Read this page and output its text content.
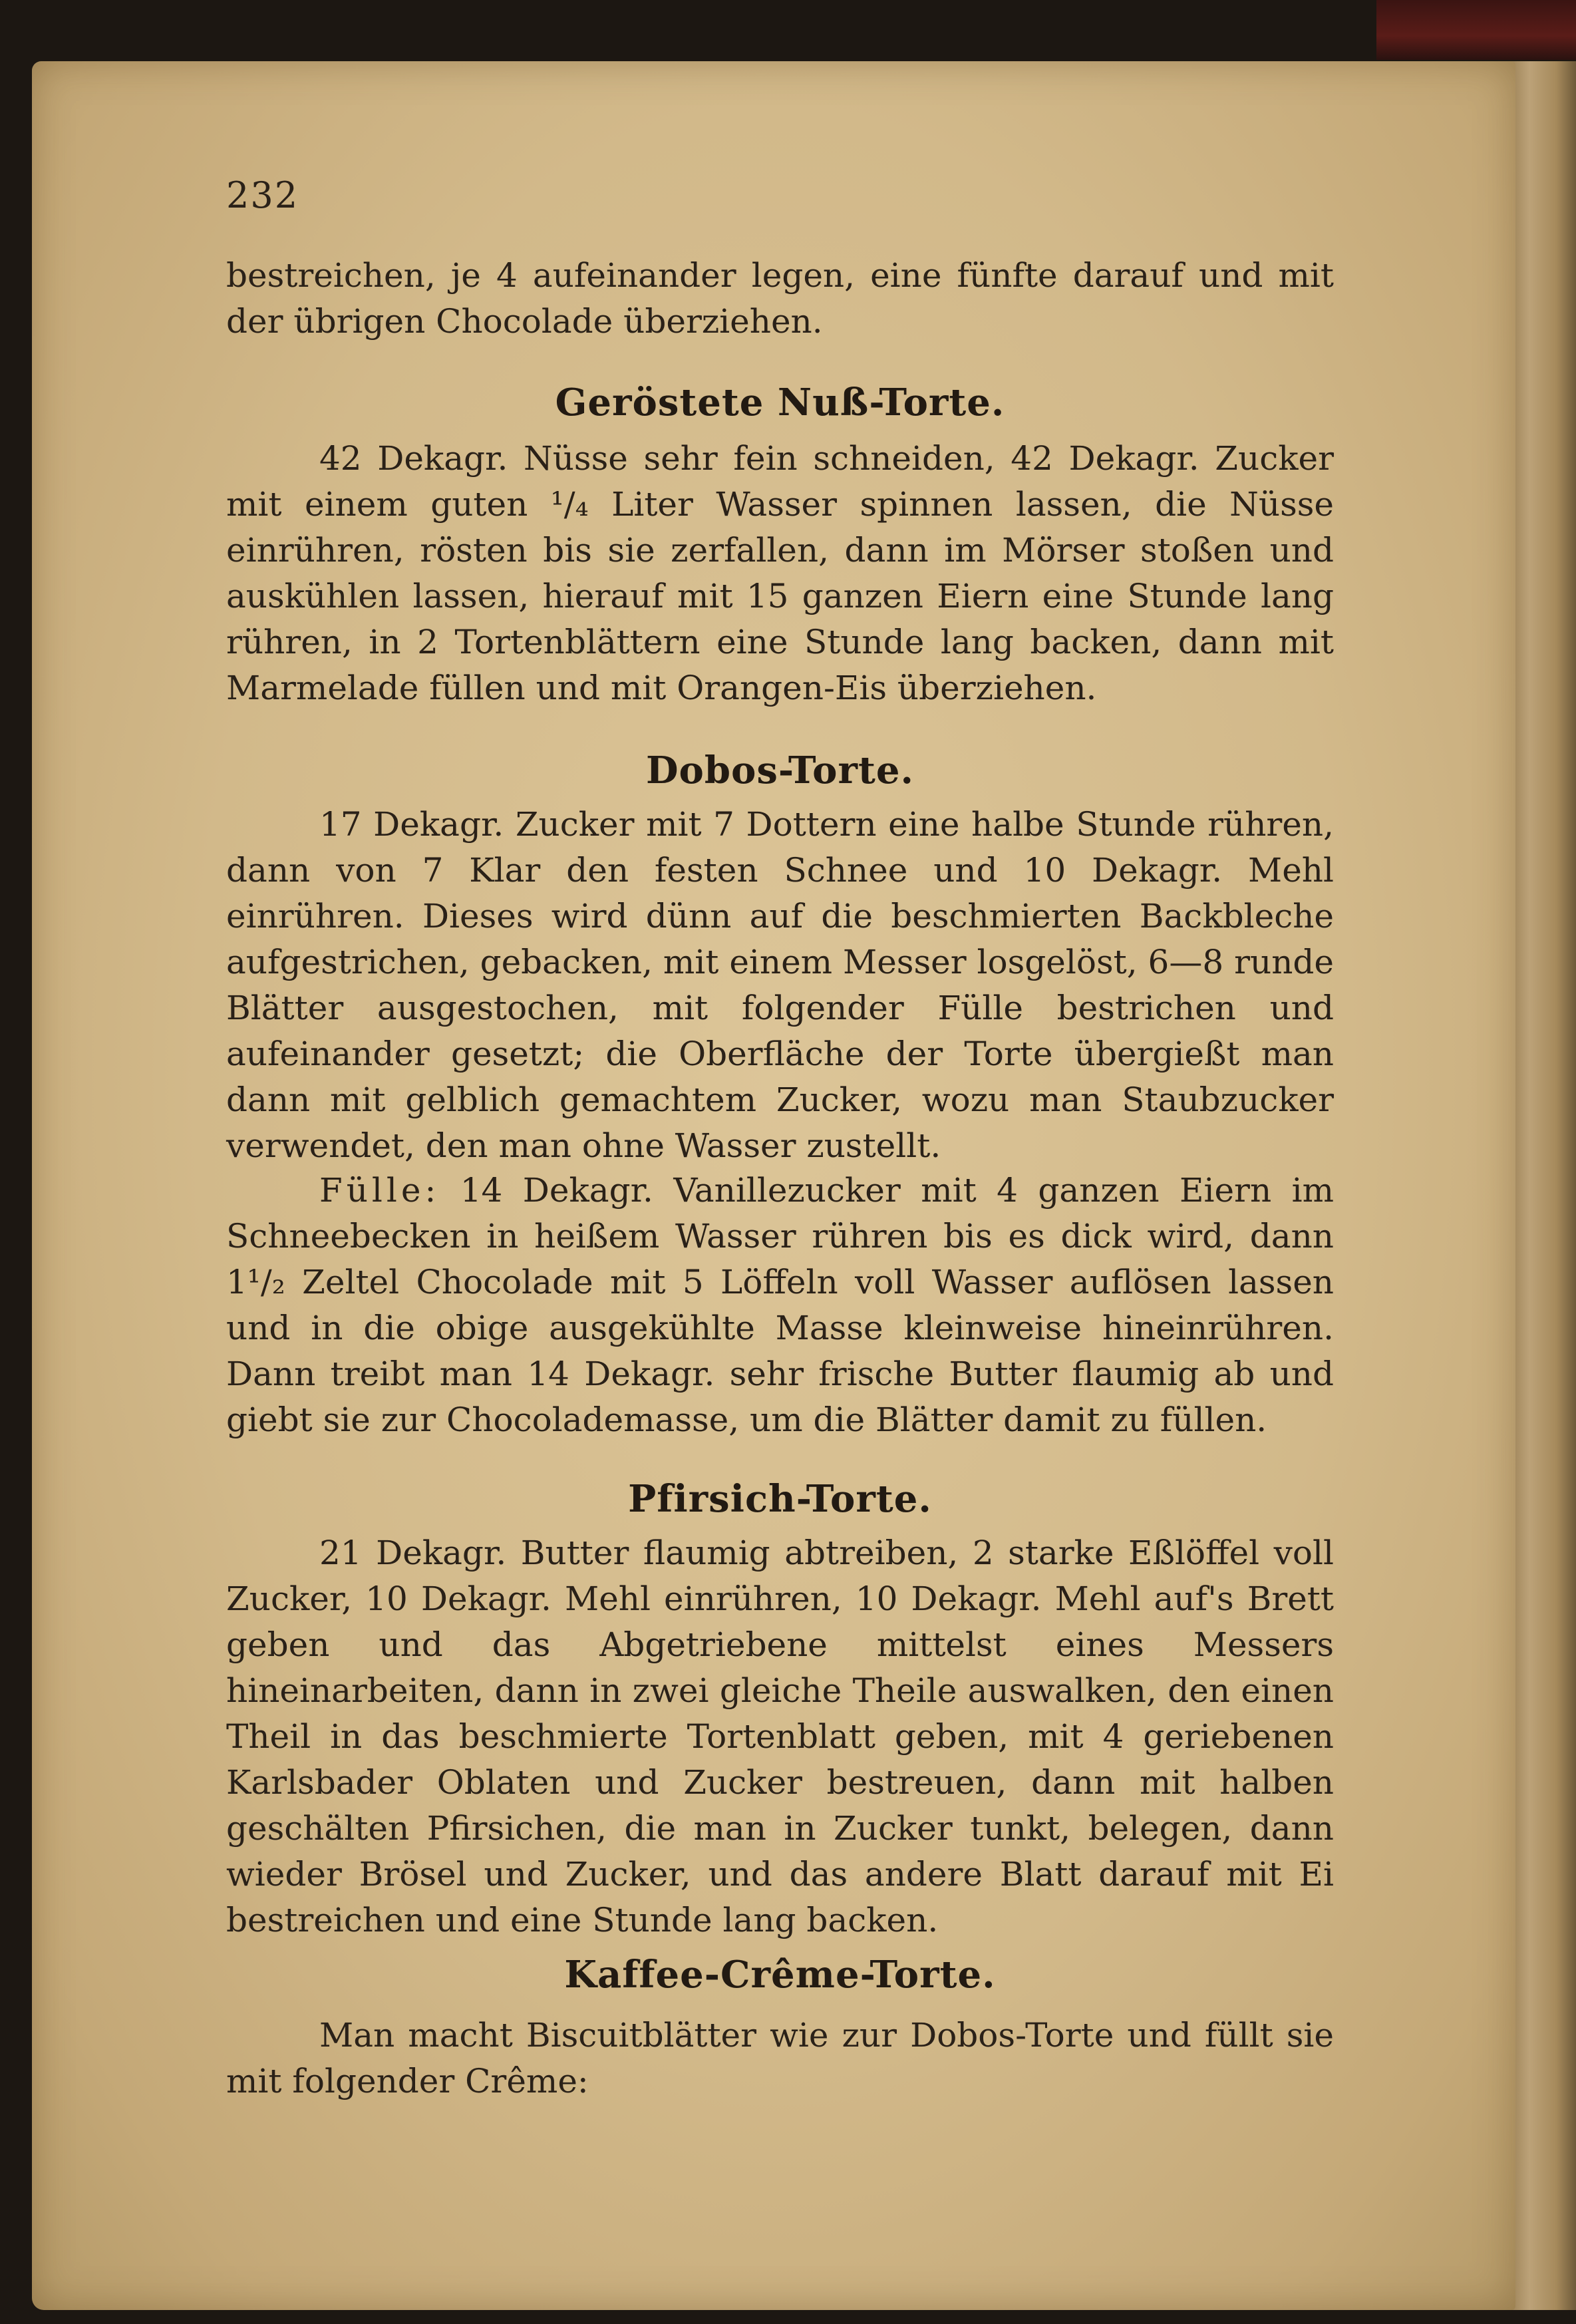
232

bestreichen, je 4 aufeinander legen, eine fünfte darauf und mit der übrigen Chocolade überziehen.

Geröstete Nuß-Torte.

42 Dekagr. Nüsse sehr fein schneiden, 42 Dekagr. Zucker mit einem guten ¹/₄ Liter Wasser spinnen lassen, die Nüsse einrühren, rösten bis sie zerfallen, dann im Mörser stoßen und auskühlen lassen, hierauf mit 15 ganzen Eiern eine Stunde lang rühren, in 2 Tortenblättern eine Stunde lang backen, dann mit Marmelade füllen und mit Orangen-Eis überziehen.

Dobos-Torte.

17 Dekagr. Zucker mit 7 Dottern eine halbe Stunde rühren, dann von 7 Klar den festen Schnee und 10 Dekagr. Mehl einrühren. Dieses wird dünn auf die beschmierten Backbleche aufgestrichen, gebacken, mit einem Messer losgelöst, 6—8 runde Blätter ausgestochen, mit folgender Fülle bestrichen und aufeinander gesetzt; die Oberfläche der Torte übergießt man dann mit gelblich gemachtem Zucker, wozu man Staubzucker verwendet, den man ohne Wasser zustellt.

Fülle: 14 Dekagr. Vanillezucker mit 4 ganzen Eiern im Schneebecken in heißem Wasser rühren bis es dick wird, dann 1¹/₂ Zeltel Chocolade mit 5 Löffeln voll Wasser auflösen lassen und in die obige ausgekühlte Masse kleinweise hineinrühren. Dann treibt man 14 Dekagr. sehr frische Butter flaumig ab und giebt sie zur Chocolademasse, um die Blätter damit zu füllen.

Pfirsich-Torte.

21 Dekagr. Butter flaumig abtreiben, 2 starke Eßlöffel voll Zucker, 10 Dekagr. Mehl einrühren, 10 Dekagr. Mehl auf's Brett geben und das Abgetriebene mittelst eines Messers hineinarbeiten, dann in zwei gleiche Theile auswalken, den einen Theil in das beschmierte Tortenblatt geben, mit 4 geriebenen Karlsbader Oblaten und Zucker bestreuen, dann mit halben geschälten Pfirsichen, die man in Zucker tunkt, belegen, dann wieder Brösel und Zucker, und das andere Blatt darauf mit Ei bestreichen und eine Stunde lang backen.

Kaffee-Crême-Torte.

Man macht Biscuitblätter wie zur Dobos-Torte und füllt sie mit folgender Crême:
